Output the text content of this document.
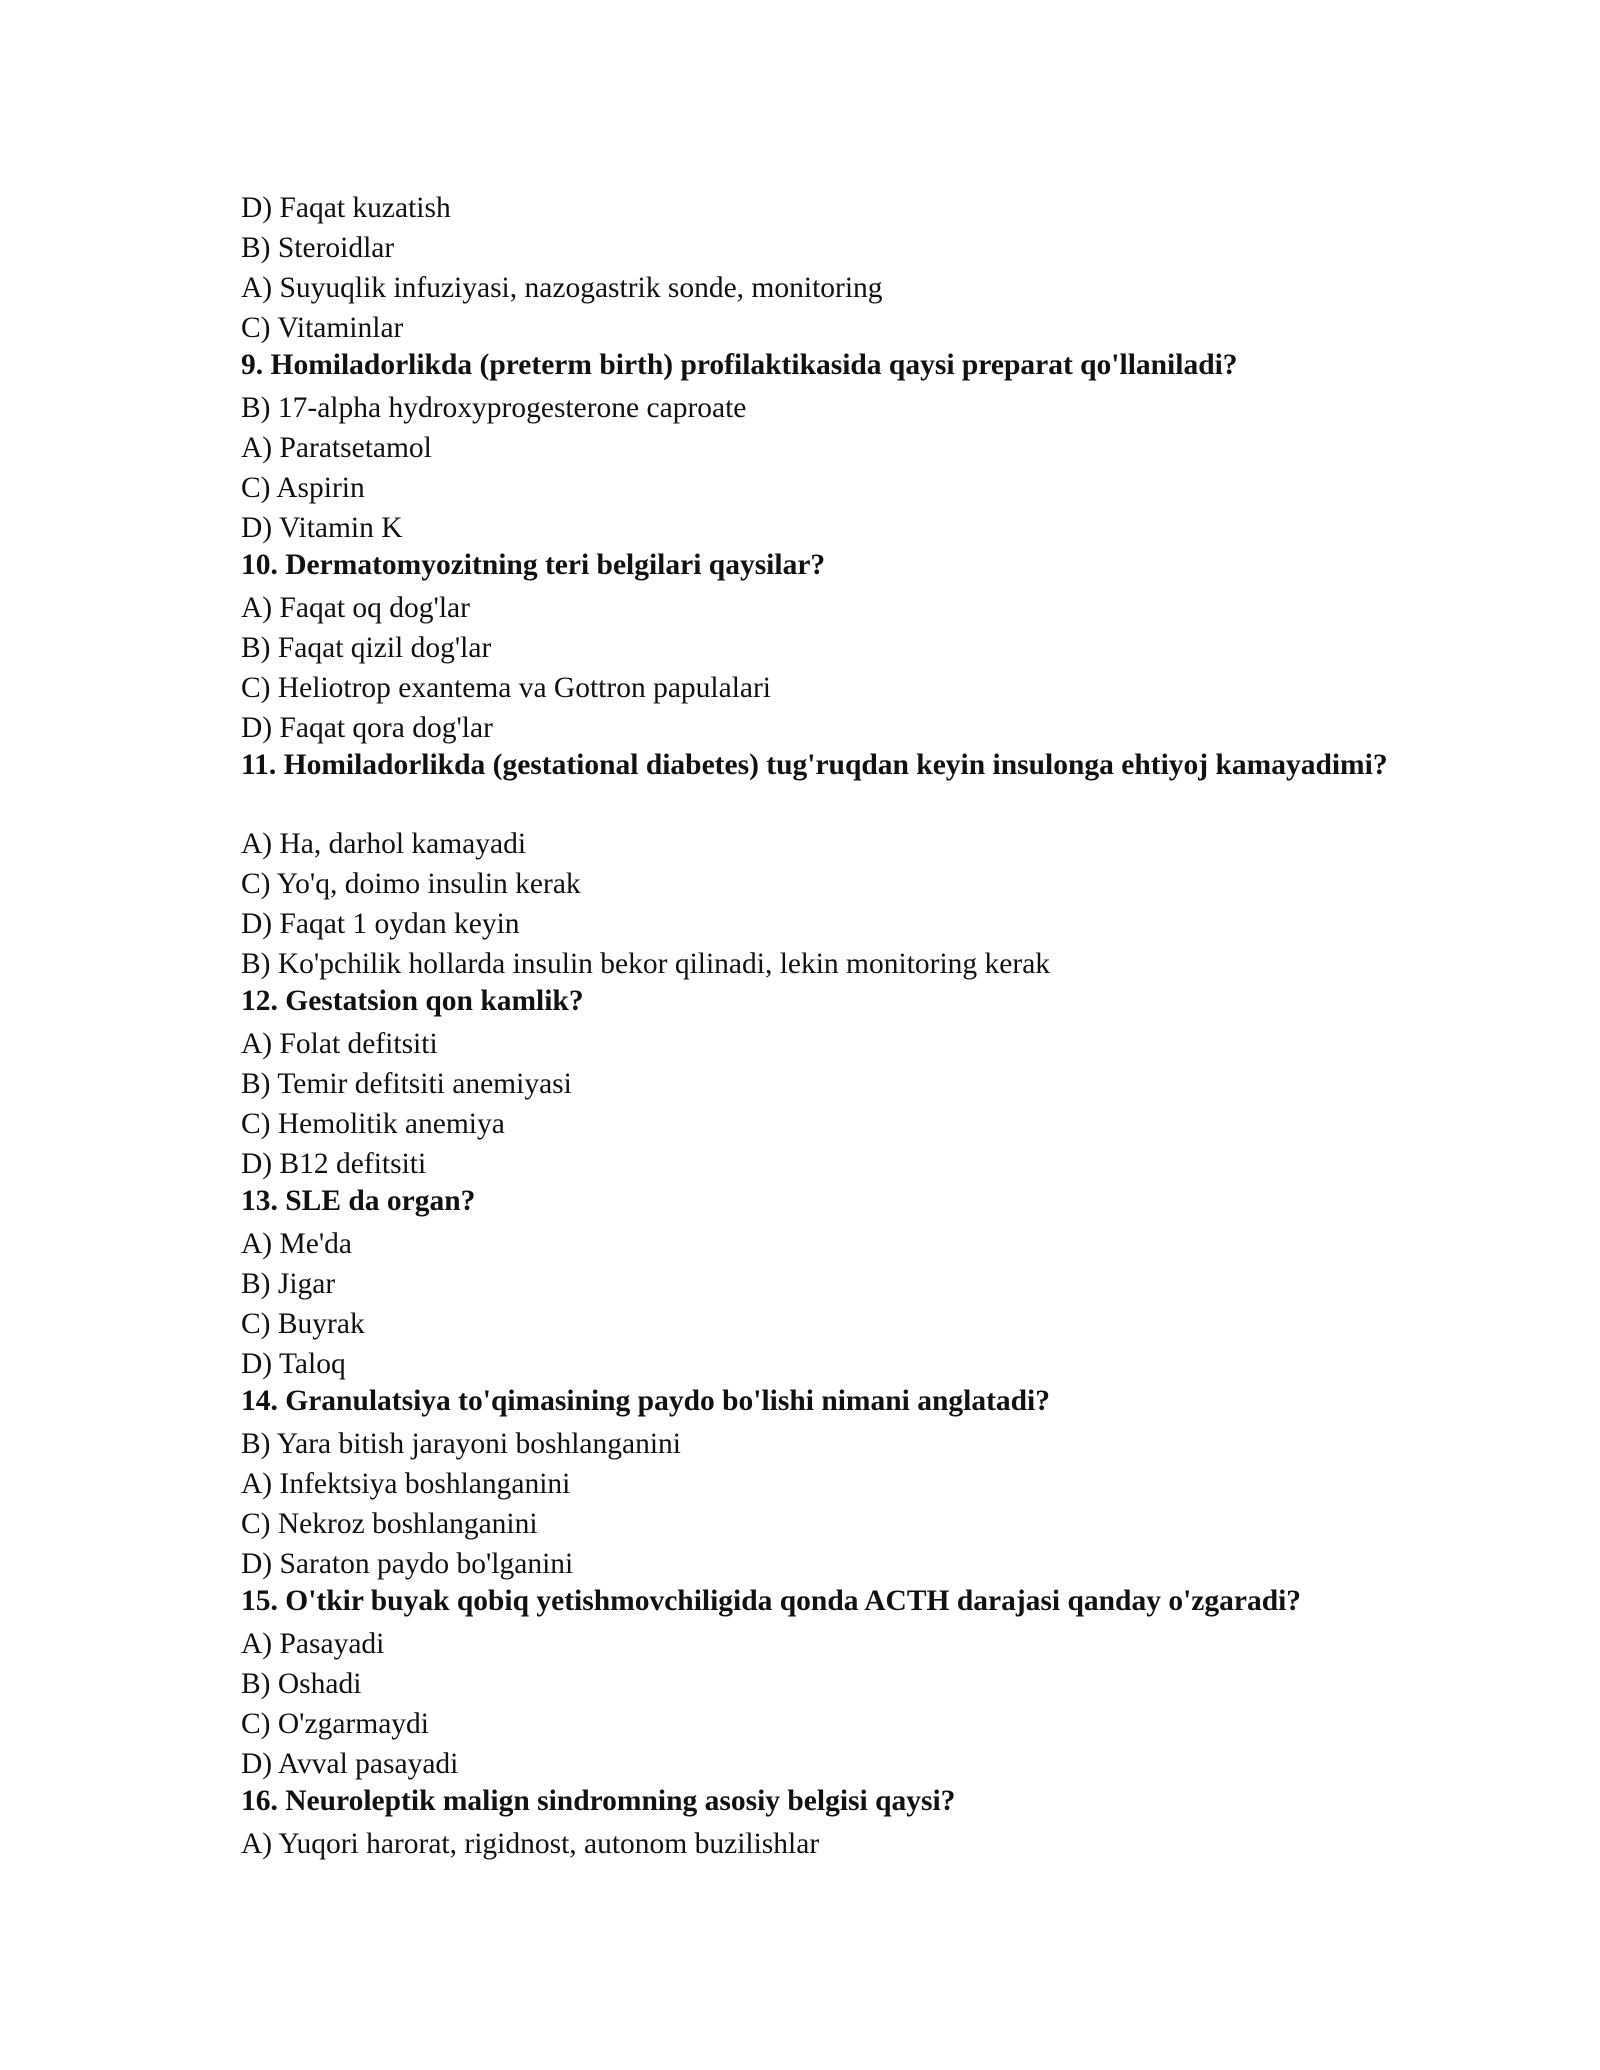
D) Faqat kuzatish
B) Steroidlar
A) Suyuqlik infuziyasi, nazogastrik sonde, monitoring
C) Vitaminlar
9. Homiladorlikda (preterm birth) profilaktikasida qaysi preparat qo'llaniladi?
B) 17-alpha hydroxyprogesterone caproate
A) Paratsetamol
C) Aspirin
D) Vitamin K
10. Dermatomyozitning teri belgilari qaysilar?
A) Faqat oq dog'lar
B) Faqat qizil dog'lar
C) Heliotrop exantema va Gottron papulalari
D) Faqat qora dog'lar
11. Homiladorlikda (gestational diabetes) tug'ruqdan keyin insulonga ehtiyoj kamayadimi?
A) Ha, darhol kamayadi
C) Yo'q, doimo insulin kerak
D) Faqat 1 oydan keyin
B) Ko'pchilik hollarda insulin bekor qilinadi, lekin monitoring kerak
12. Gestatsion qon kamlik?
A) Folat defitsiti
B) Temir defitsiti anemiyasi
C) Hemolitik anemiya
D) B12 defitsiti
13. SLE da organ?
A) Me'da
B) Jigar
C) Buyrak
D) Taloq
14. Granulatsiya to'qimasining paydo bo'lishi nimani anglatadi?
B) Yara bitish jarayoni boshlanganini
A) Infektsiya boshlanganini
C) Nekroz boshlanganini
D) Saraton paydo bo'lganini
15. O'tkir buyak qobiq yetishmovchiligida qonda ACTH darajasi qanday o'zgaradi?
A) Pasayadi
B) Oshadi
C) O'zgarmaydi
D) Avval pasayadi
16. Neuroleptik malign sindromning asosiy belgisi qaysi?
A) Yuqori harorat, rigidnost, autonom buzilishlar
